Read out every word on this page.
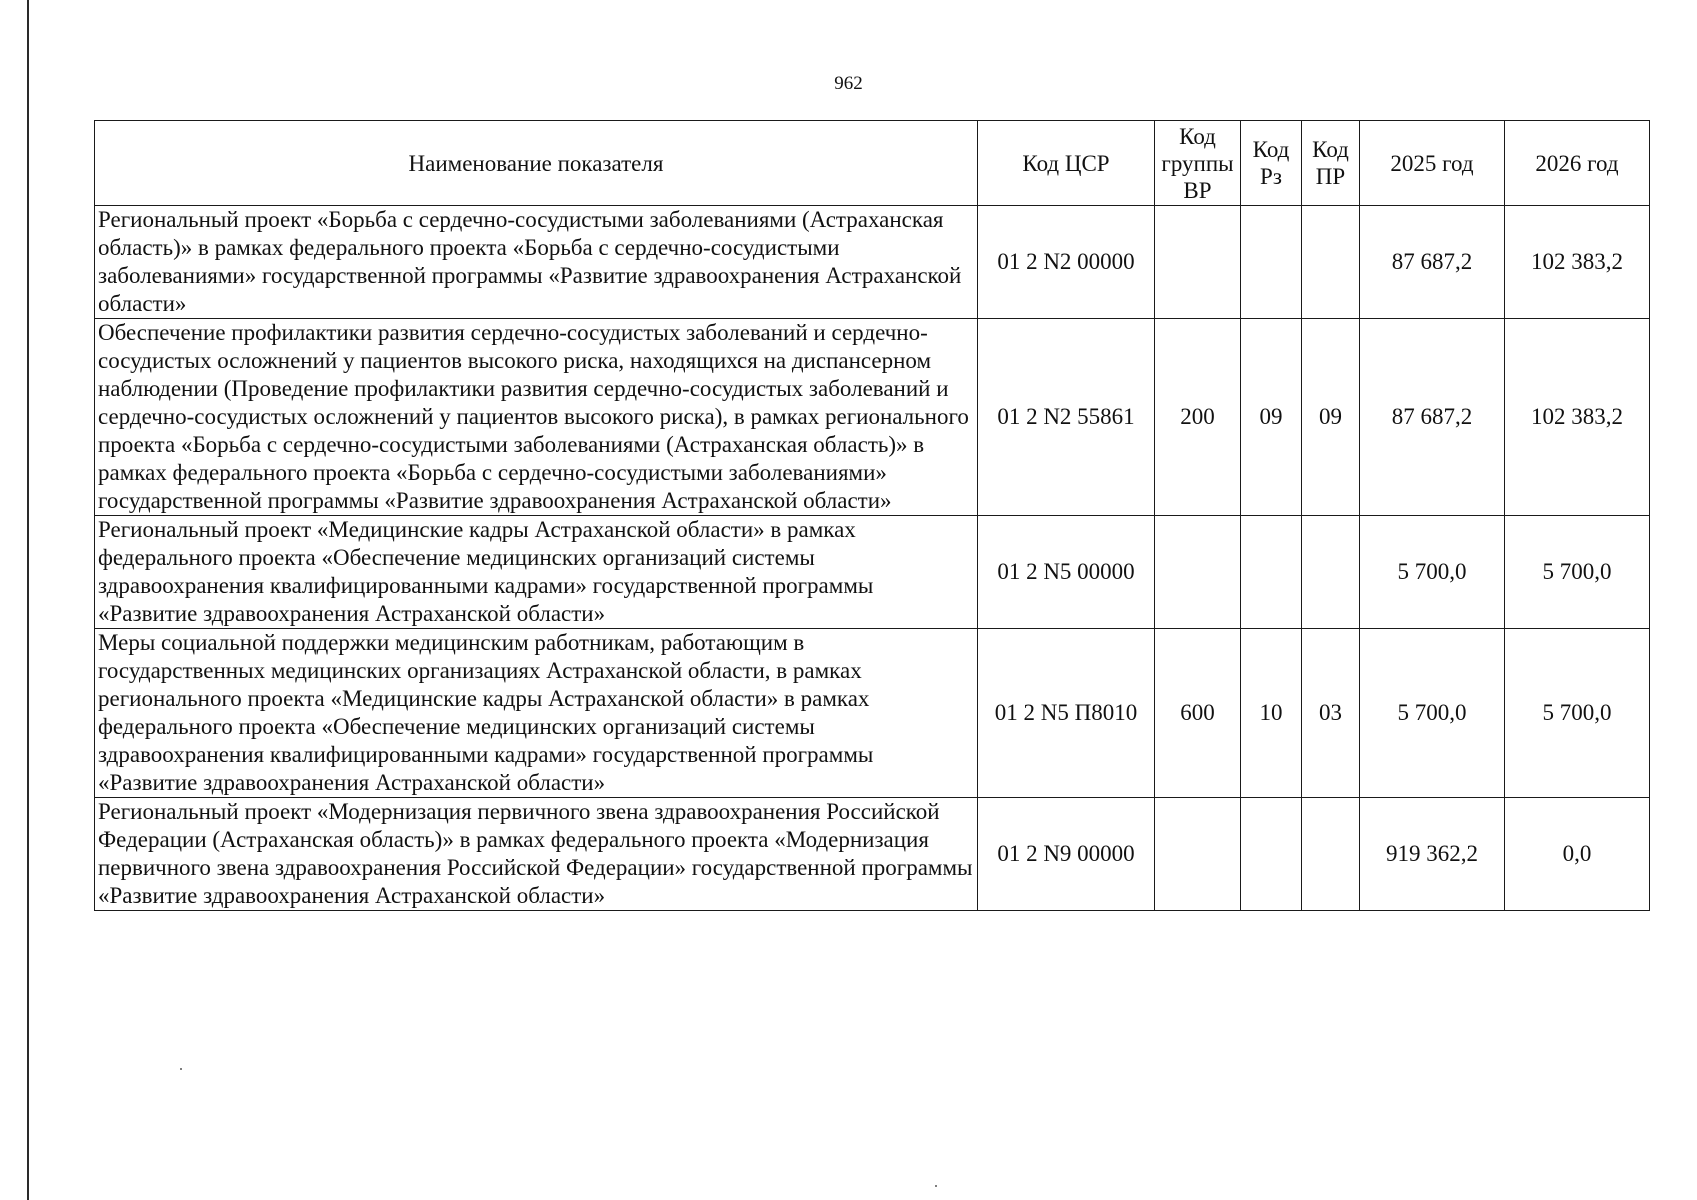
962
Наименование показателя	Код ЦСР	Код группы ВР	Код Рз	Код ПР	2025 год	2026 год
Региональный проект «Борьба с сердечно-сосудистыми заболеваниями (Астраханская область)» в рамках федерального проекта «Борьба с сердечно-сосудистыми заболеваниями» государственной программы «Развитие здравоохранения Астраханской области»	01 2 N2 00000				87 687,2	102 383,2
Обеспечение профилактики развития сердечно-сосудистых заболеваний и сердечно-сосудистых осложнений у пациентов высокого риска, находящихся на диспансерном наблюдении (Проведение профилактики развития сердечно-сосудистых заболеваний и сердечно-сосудистых осложнений у пациентов высокого риска), в рамках регионального проекта «Борьба с сердечно-сосудистыми заболеваниями (Астраханская область)» в рамках федерального проекта «Борьба с сердечно-сосудистыми заболеваниями» государственной программы «Развитие здравоохранения Астраханской области»	01 2 N2 55861	200	09	09	87 687,2	102 383,2
Региональный проект «Медицинские кадры Астраханской области» в рамках федерального проекта «Обеспечение медицинских организаций системы здравоохранения квалифицированными кадрами» государственной программы «Развитие здравоохранения Астраханской области»	01 2 N5 00000				5 700,0	5 700,0
Меры социальной поддержки медицинским работникам, работающим в государственных медицинских организациях Астраханской области, в рамках регионального проекта «Медицинские кадры Астраханской области» в рамках федерального проекта «Обеспечение медицинских организаций системы здравоохранения квалифицированными кадрами» государственной программы «Развитие здравоохранения Астраханской области»	01 2 N5 П8010	600	10	03	5 700,0	5 700,0
Региональный проект «Модернизация первичного звена здравоохранения Российской Федерации (Астраханская область)» в рамках федерального проекта «Модернизация первичного звена здравоохранения Российской Федерации» государственной программы «Развитие здравоохранения Астраханской области»	01 2 N9 00000				919 362,2	0,0
